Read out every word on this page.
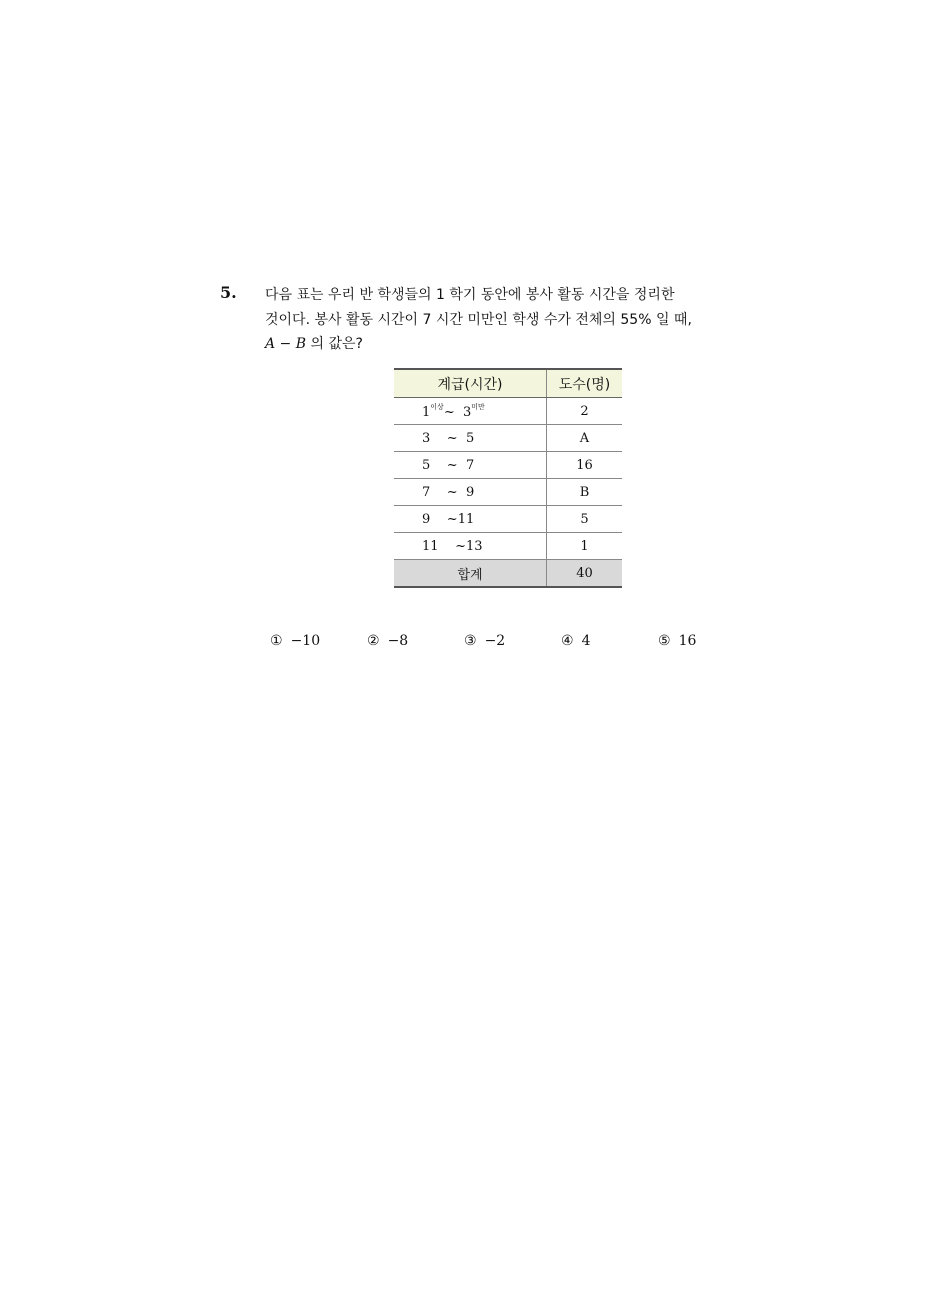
5. 다음 표는 우리 반 학생들의 1 학기 동안에 봉사 활동 시간을 정리한
것이다. 봉사 활동 시간이 7 시간 미만인 학생 수가 전체의 55% 일 때,
A − B 의 값은?
계급(시간)	도수(명)
$1^{이상}\sim$ $3^{미만}$	2
3    ~  5	A
5    ~  7	16
7    ~  9	B
9    ~11	5
11    ~13	1
합계	40
① −10	② −8	③ −2	④ 4	⑤ 16
